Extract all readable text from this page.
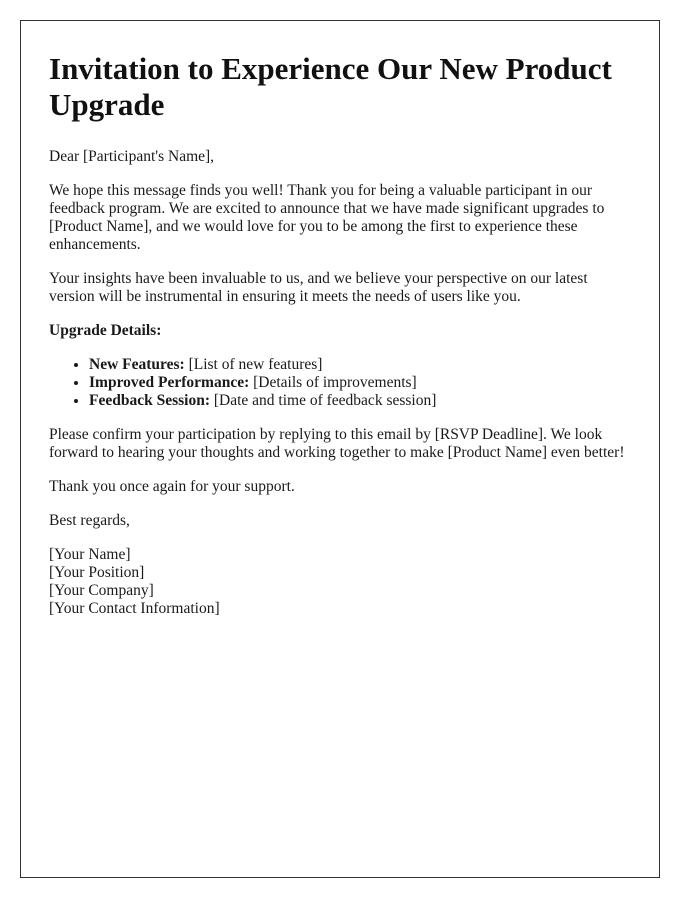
Invitation to Experience Our New Product Upgrade

Dear [Participant's Name],

We hope this message finds you well! Thank you for being a valuable participant in our feedback program. We are excited to announce that we have made significant upgrades to [Product Name], and we would love for you to be among the first to experience these enhancements.

Your insights have been invaluable to us, and we believe your perspective on our latest version will be instrumental in ensuring it meets the needs of users like you.

Upgrade Details:

• New Features: [List of new features]
• Improved Performance: [Details of improvements]
• Feedback Session: [Date and time of feedback session]

Please confirm your participation by replying to this email by [RSVP Deadline]. We look forward to hearing your thoughts and working together to make [Product Name] even better!

Thank you once again for your support.

Best regards,

[Your Name]
[Your Position]
[Your Company]
[Your Contact Information]
